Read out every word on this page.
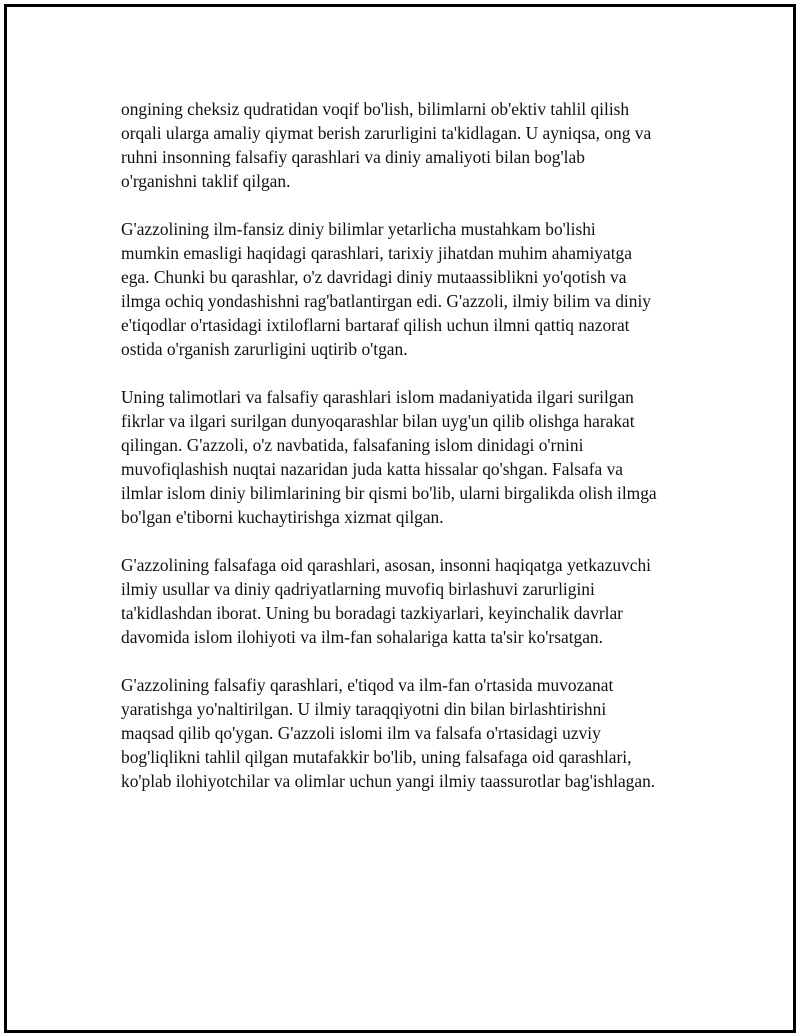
ongining cheksiz qudratidan voqif bo'lish, bilimlarni ob'ektiv tahlil qilish
orqali ularga amaliy qiymat berish zarurligini ta'kidlagan. U ayniqsa, ong va
ruhni insonning falsafiy qarashlari va diniy amaliyoti bilan bog'lab
o'rganishni taklif qilgan.

G'azzolining ilm-fansiz diniy bilimlar yetarlicha mustahkam bo'lishi
mumkin emasligi haqidagi qarashlari, tarixiy jihatdan muhim ahamiyatga
ega. Chunki bu qarashlar, o'z davridagi diniy mutaassiblikni yo'qotish va
ilmga ochiq yondashishni rag'batlantirgan edi. G'azzoli, ilmiy bilim va diniy
e'tiqodlar o'rtasidagi ixtiloflarni bartaraf qilish uchun ilmni qattiq nazorat
ostida o'rganish zarurligini uqtirib o'tgan.

Uning talimotlari va falsafiy qarashlari islom madaniyatida ilgari surilgan
fikrlar va ilgari surilgan dunyoqarashlar bilan uyg'un qilib olishga harakat
qilingan. G'azzoli, o'z navbatida, falsafaning islom dinidagi o'rnini
muvofiqlashish nuqtai nazaridan juda katta hissalar qo'shgan. Falsafa va
ilmlar islom diniy bilimlarining bir qismi bo'lib, ularni birgalikda olish ilmga
bo'lgan e'tiborni kuchaytirishga xizmat qilgan.

G'azzolining falsafaga oid qarashlari, asosan, insonni haqiqatga yetkazuvchi
ilmiy usullar va diniy qadriyatlarning muvofiq birlashuvi zarurligini
ta'kidlashdan iborat. Uning bu boradagi tazkiyarlari, keyinchalik davrlar
davomida islom ilohiyoti va ilm-fan sohalariga katta ta'sir ko'rsatgan.

G'azzolining falsafiy qarashlari, e'tiqod va ilm-fan o'rtasida muvozanat
yaratishga yo'naltirilgan. U ilmiy taraqqiyotni din bilan birlashtirishni
maqsad qilib qo'ygan. G'azzoli islomi ilm va falsafa o'rtasidagi uzviy
bog'liqlikni tahlil qilgan mutafakkir bo'lib, uning falsafaga oid qarashlari,
ko'plab ilohiyotchilar va olimlar uchun yangi ilmiy taassurotlar bag'ishlagan.
